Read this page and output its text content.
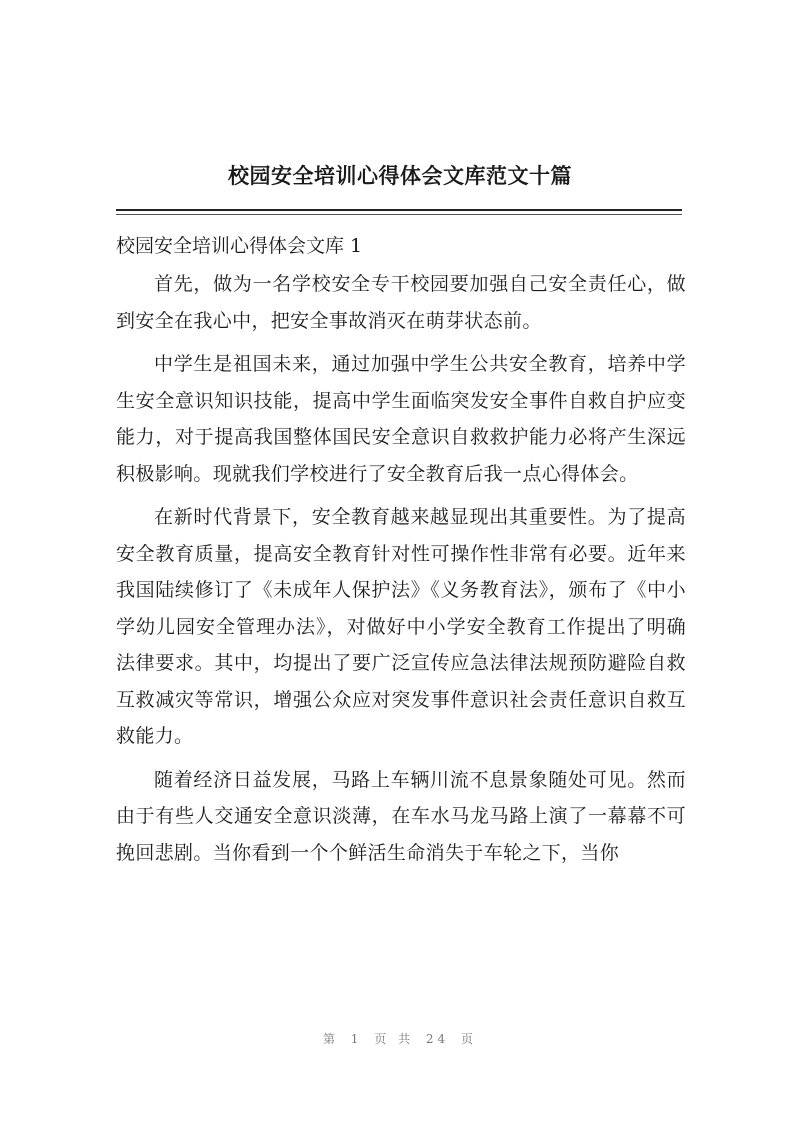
校园安全培训心得体会文库范文十篇
校园安全培训心得体会文库 1

首先，做为一名学校安全专干校园要加强自己安全责任心，做到安全在我心中，把安全事故消灭在萌芽状态前。

中学生是祖国未来，通过加强中学生公共安全教育，培养中学生安全意识知识技能，提高中学生面临突发安全事件自救自护应变能力，对于提高我国整体国民安全意识自救救护能力必将产生深远积极影响。现就我们学校进行了安全教育后我一点心得体会。

在新时代背景下，安全教育越来越显现出其重要性。为了提高安全教育质量，提高安全教育针对性可操作性非常有必要。近年来我国陆续修订了《未成年人保护法》《义务教育法》，颁布了《中小学幼儿园安全管理办法》，对做好中小学安全教育工作提出了明确法律要求。其中，均提出了要广泛宣传应急法律法规预防避险自救互救减灾等常识，增强公众应对突发事件意识社会责任意识自救互救能力。

随着经济日益发展，马路上车辆川流不息景象随处可见。然而由于有些人交通安全意识淡薄，在车水马龙马路上演了一幕幕不可挽回悲剧。当你看到一个个鲜活生命消失于车轮之下，当你

第 1 页 共 24 页
